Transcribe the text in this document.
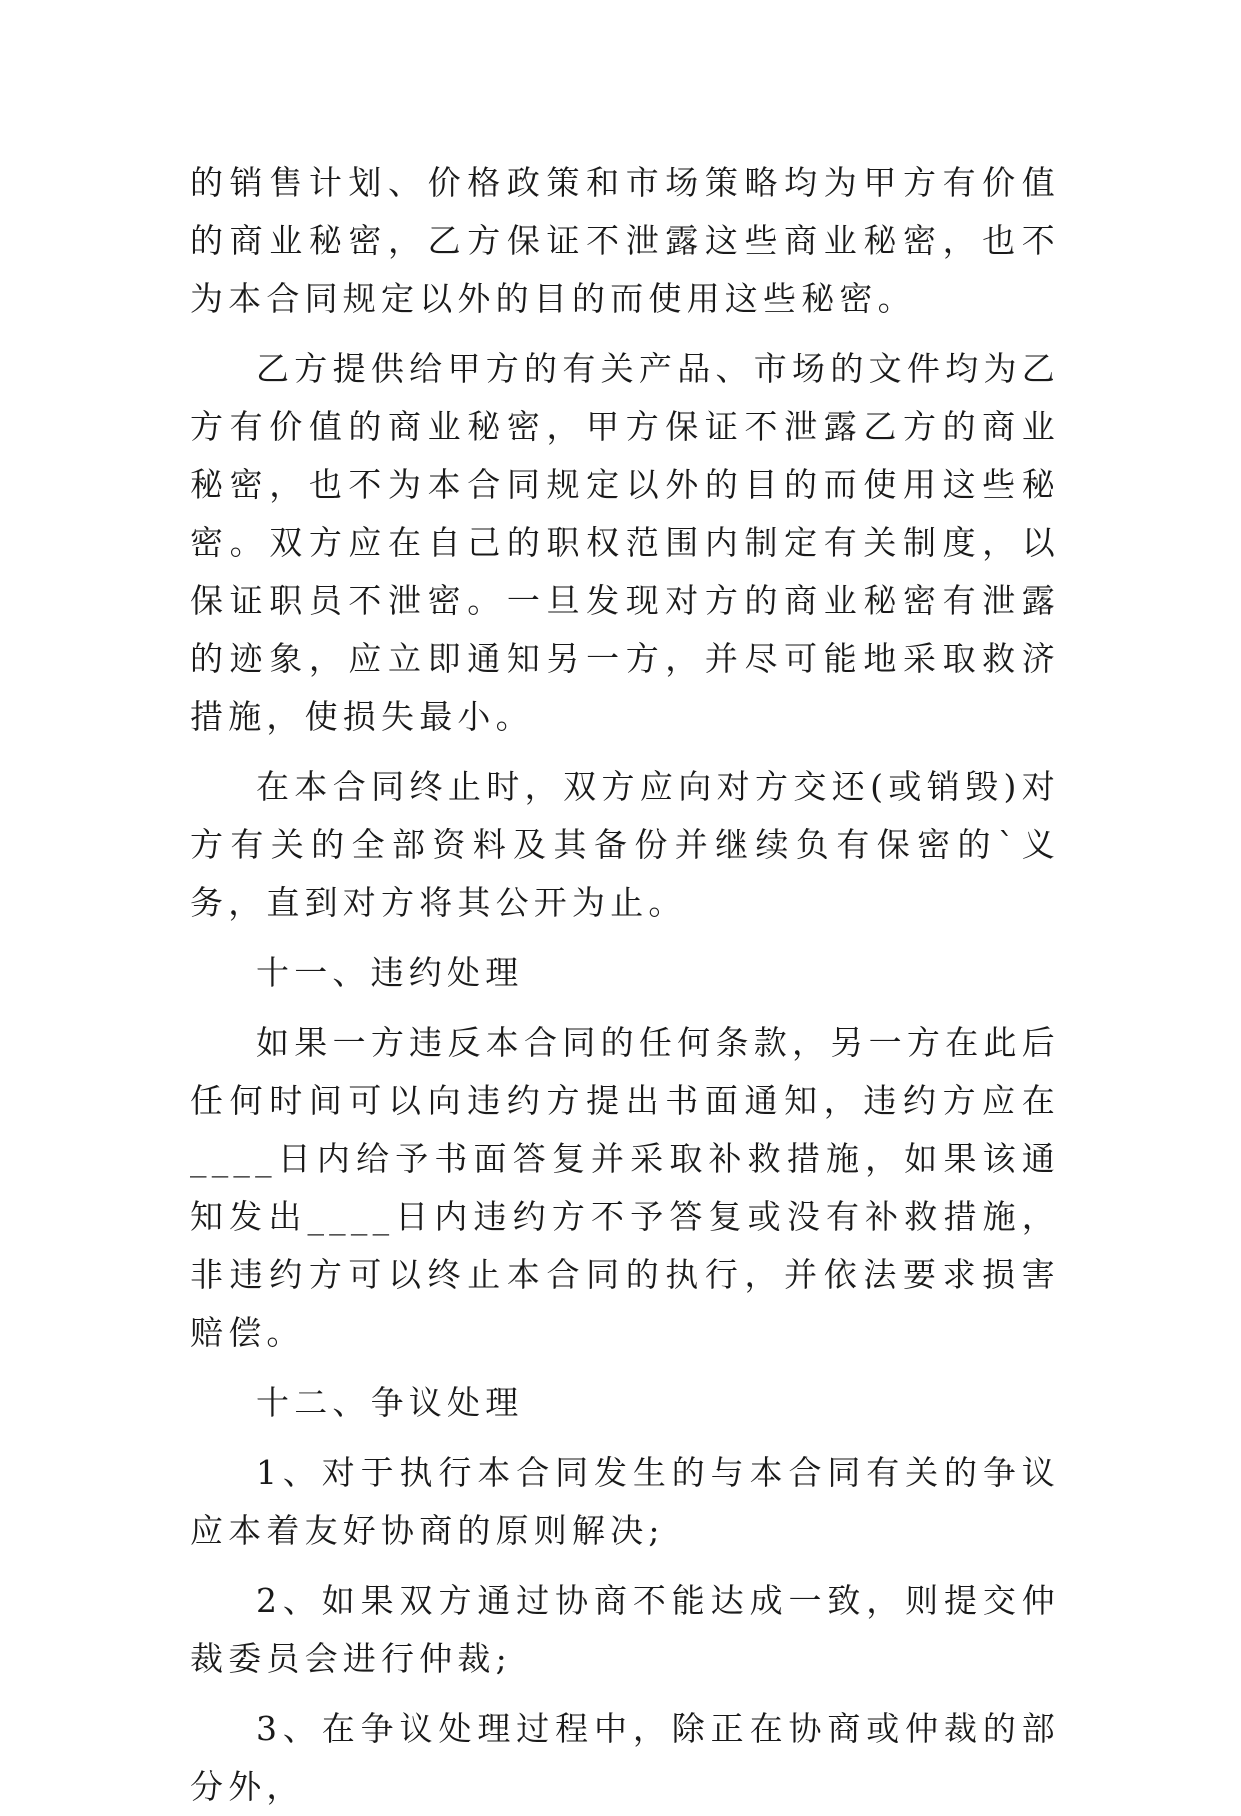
的销售计划、价格政策和市场策略均为甲方有价值的商业秘密，乙方保证不泄露这些商业秘密，也不为本合同规定以外的目的而使用这些秘密。

乙方提供给甲方的有关产品、市场的文件均为乙方有价值的商业秘密，甲方保证不泄露乙方的商业秘密，也不为本合同规定以外的目的而使用这些秘密。双方应在自己的职权范围内制定有关制度，以保证职员不泄密。一旦发现对方的商业秘密有泄露的迹象，应立即通知另一方，并尽可能地采取救济措施，使损失最小。

在本合同终止时，双方应向对方交还(或销毁)对方有关的全部资料及其备份并继续负有保密的`义务，直到对方将其公开为止。

十一、违约处理

如果一方违反本合同的任何条款，另一方在此后任何时间可以向违约方提出书面通知，违约方应在____日内给予书面答复并采取补救措施，如果该通知发出____日内违约方不予答复或没有补救措施，非违约方可以终止本合同的执行，并依法要求损害赔偿。

十二、争议处理

1、对于执行本合同发生的与本合同有关的争议应本着友好协商的原则解决;

2、如果双方通过协商不能达成一致，则提交仲裁委员会进行仲裁;

3、在争议处理过程中，除正在协商或仲裁的部分外，
